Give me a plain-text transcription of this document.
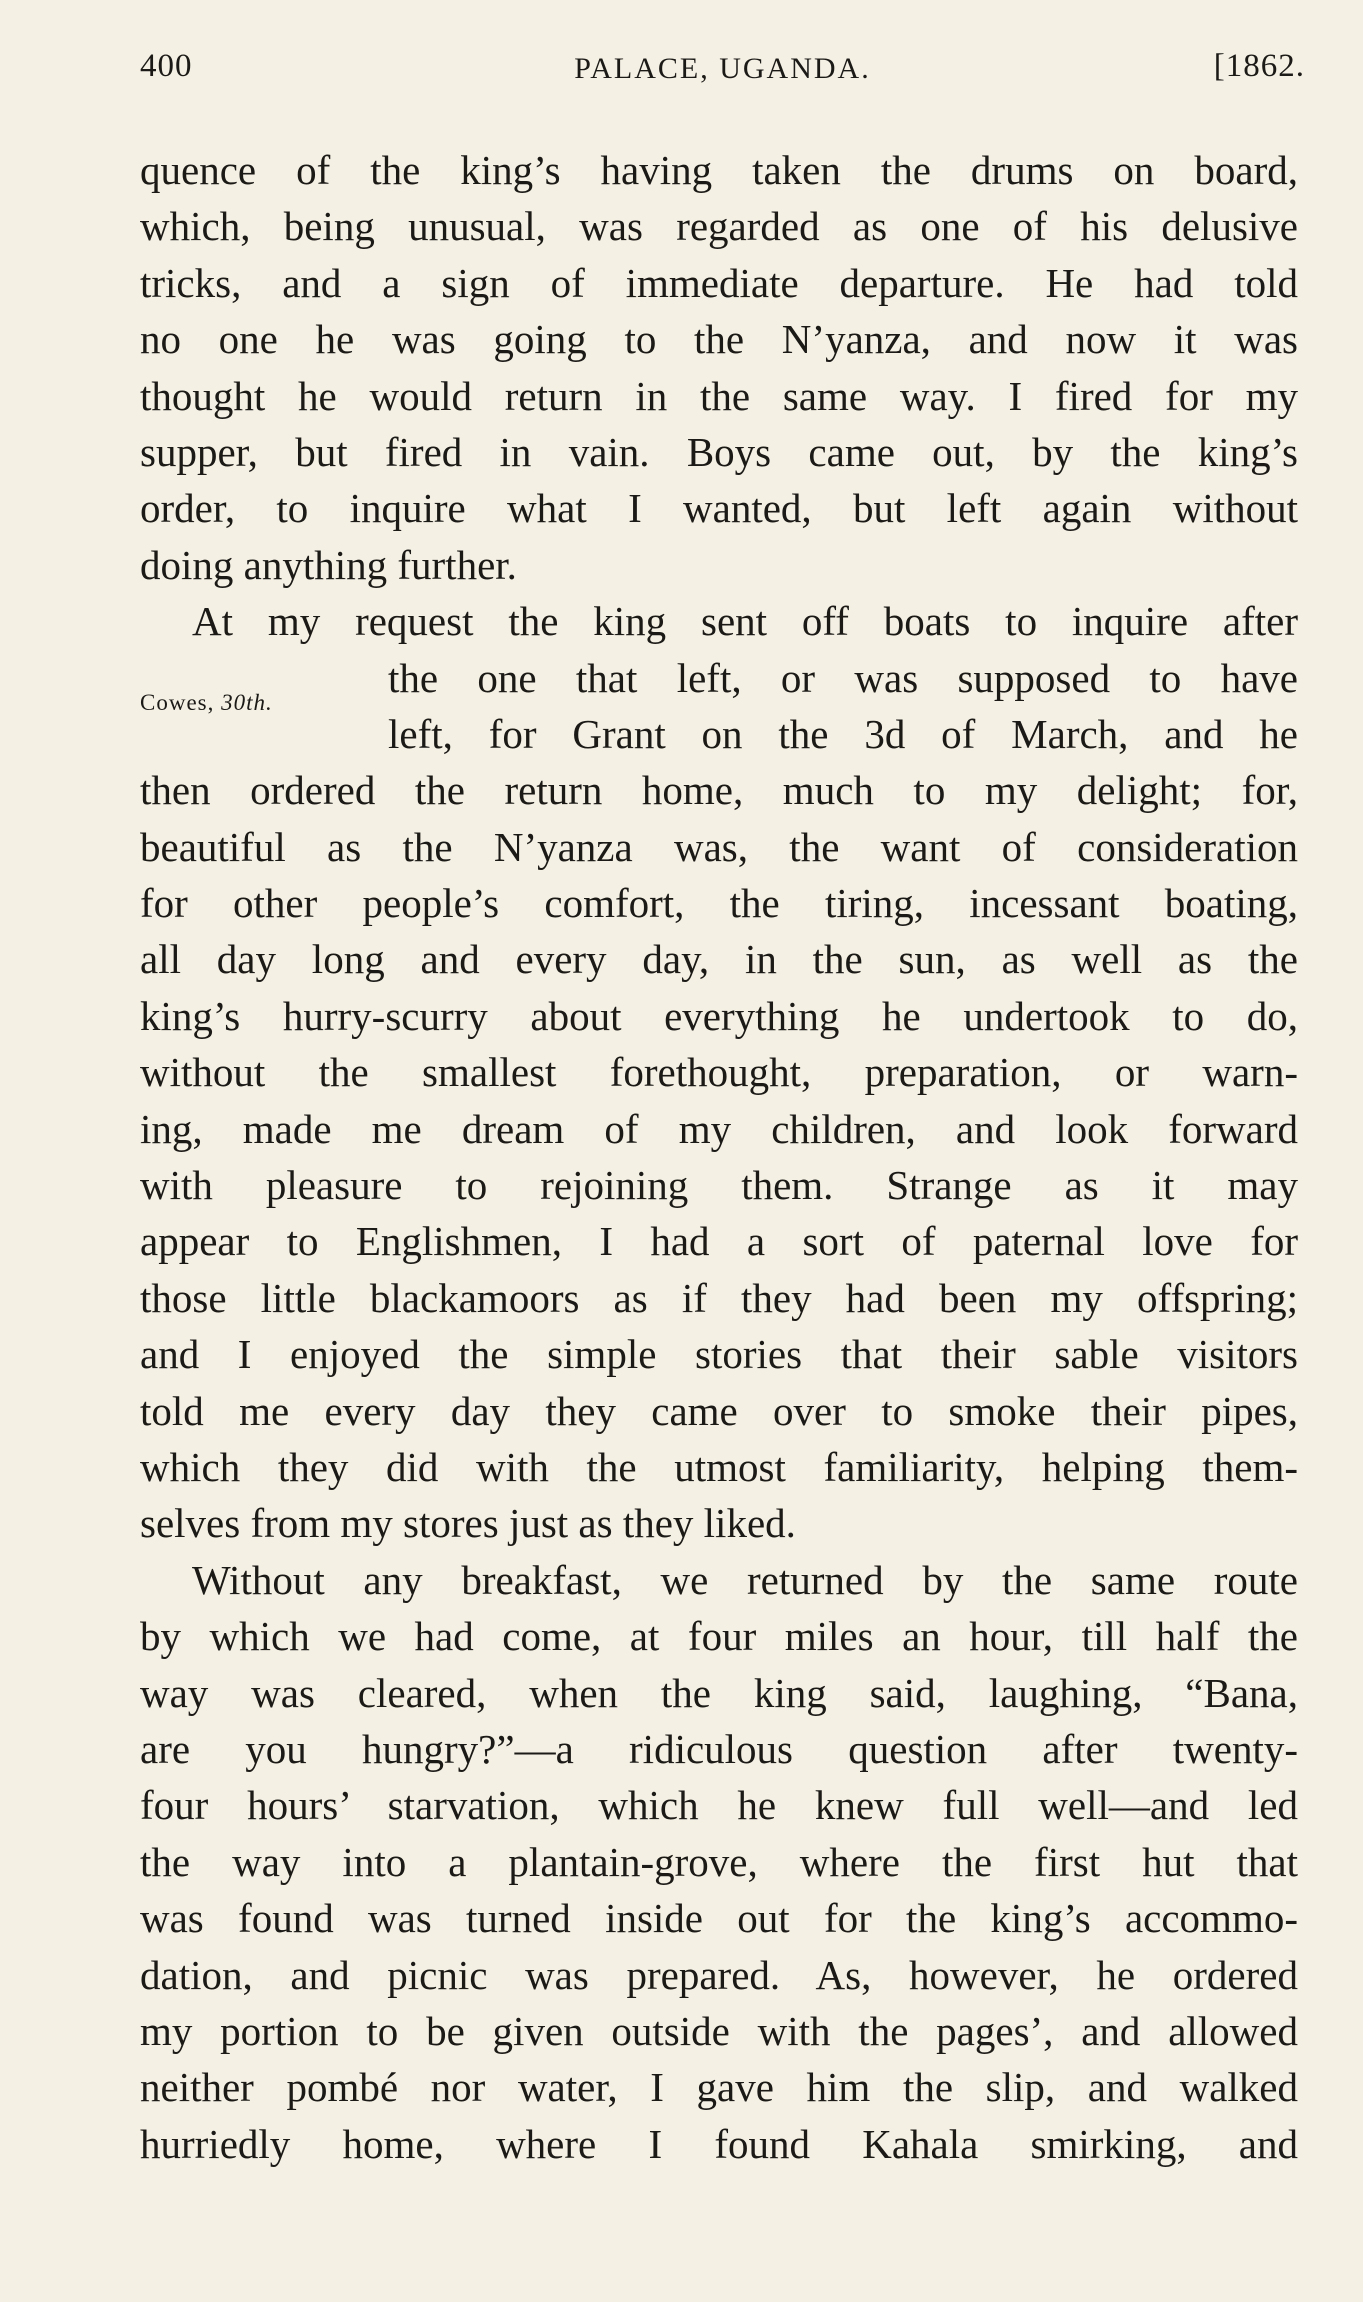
400	PALACE, UGANDA.	[1862.
Cowes, 30th.
quence of the king’s having taken the drums on board,
which, being unusual, was regarded as one of his delusive
tricks, and a sign of immediate departure. He had told
no one he was going to the N’yanza, and now it was
thought he would return in the same way. I fired for my
supper, but fired in vain. Boys came out, by the king’s
order, to inquire what I wanted, but left again without
doing anything further.
At my request the king sent off boats to inquire after
the one that left, or was supposed to have
left, for Grant on the 3d of March, and he
then ordered the return home, much to my delight; for,
beautiful as the N’yanza was, the want of consideration
for other people’s comfort, the tiring, incessant boating,
all day long and every day, in the sun, as well as the
king’s hurry-scurry about everything he undertook to do,
without the smallest forethought, preparation, or warn-
ing, made me dream of my children, and look forward
with pleasure to rejoining them. Strange as it may
appear to Englishmen, I had a sort of paternal love for
those little blackamoors as if they had been my offspring;
and I enjoyed the simple stories that their sable visitors
told me every day they came over to smoke their pipes,
which they did with the utmost familiarity, helping them-
selves from my stores just as they liked.
Without any breakfast, we returned by the same route
by which we had come, at four miles an hour, till half the
way was cleared, when the king said, laughing, “Bana,
are you hungry?”—a ridiculous question after twenty-
four hours’ starvation, which he knew full well—and led
the way into a plantain-grove, where the first hut that
was found was turned inside out for the king’s accommo-
dation, and picnic was prepared. As, however, he ordered
my portion to be given outside with the pages’, and allowed
neither pombé nor water, I gave him the slip, and walked
hurriedly home, where I found Kahala smirking, and
